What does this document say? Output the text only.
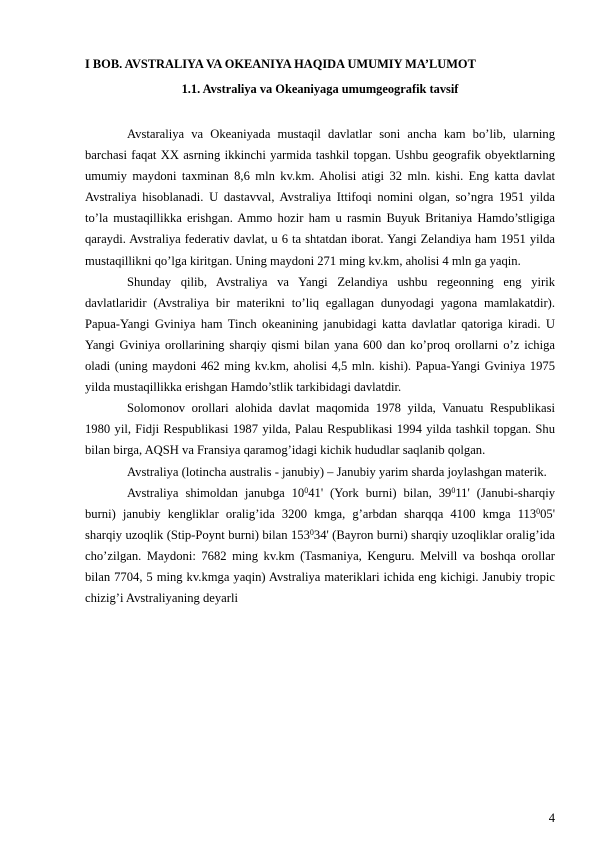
I BOB. AVSTRALIYA VA OKEANIYA HAQIDA UMUMIY MA’LUMOT
1.1. Avstraliya va Okeaniyaga umumgeografik tavsif

Avstaraliya va Okeaniyada mustaqil davlatlar soni ancha kam bo’lib, ularning barchasi faqat XX asrning ikkinchi yarmida tashkil topgan. Ushbu geografik obyektlarning umumiy maydoni taxminan 8,6 mln kv.km. Aholisi atigi 32 mln. kishi. Eng katta davlat Avstraliya hisoblanadi. U dastavval, Avstraliya Ittifoqi nomini olgan, so’ngra 1951 yilda to’la mustaqillikka erishgan. Ammo hozir ham u rasmin Buyuk Britaniya Hamdo’stligiga qaraydi. Avstraliya federativ davlat, u 6 ta shtatdan iborat. Yangi Zelandiya ham 1951 yilda mustaqillikni qo’lga kiritgan. Uning maydoni 271 ming kv.km, aholisi 4 mln ga yaqin.

Shunday qilib, Avstraliya va Yangi Zelandiya ushbu regeonning eng yirik davlatlaridir (Avstraliya bir materikni to’liq egallagan dunyodagi yagona mamlakatdir). Papua-Yangi Gviniya ham Tinch okeanining janubidagi katta davlatlar qatoriga kiradi. U Yangi Gviniya orollarining sharqiy qismi bilan yana 600 dan ko’proq orollarni o’z ichiga oladi (uning maydoni 462 ming kv.km, aholisi 4,5 mln. kishi). Papua-Yangi Gviniya 1975 yilda mustaqillikka erishgan Hamdo’stlik tarkibidagi davlatdir.

Solomonov orollari alohida davlat maqomida 1978 yilda, Vanuatu Respublikasi 1980 yil, Fidji Respublikasi 1987 yilda, Palau Respublikasi 1994 yilda tashkil topgan. Shu bilan birga, AQSH va Fransiya qaramog’idagi kichik hududlar saqlanib qolgan.

Avstraliya (lotincha australis - janubiy) – Janubiy yarim sharda joylashgan materik.

Avstraliya shimoldan janubga $10^041'$ (York burni) bilan, $39^011'$ (Janubi-sharqiy burni) janubiy kengliklar oralig’ida 3200 kmga, g’arbdan sharqqa 4100 kmga $113^005'$ sharqiy uzoqlik (Stip-Poynt burni) bilan $153^034'$ (Bayron burni) sharqiy uzoqliklar oralig’ida cho’zilgan. Maydoni: 7682 ming kv.km (Tasmaniya, Kenguru. Melvill va boshqa orollar bilan 7704, 5 ming kv.kmga yaqin) Avstraliya materiklari ichida eng kichigi. Janubiy tropic chizig’i Avstraliyaning deyarli

4
